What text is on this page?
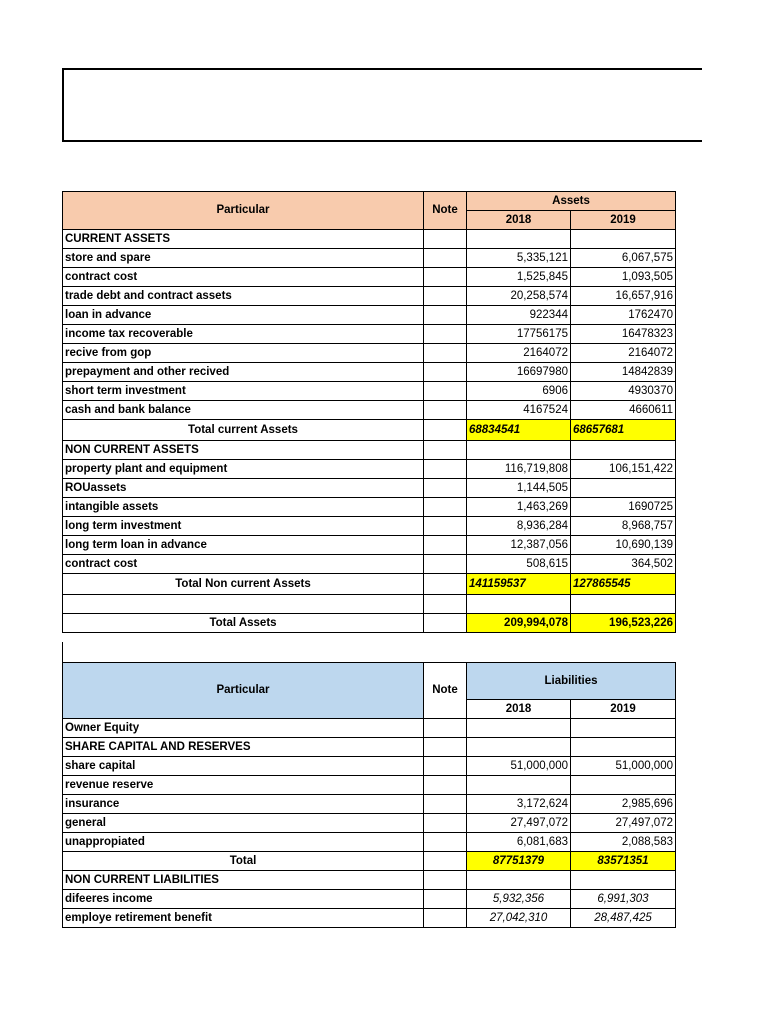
Particular	Note	Assets	
		2018	2019
CURRENT ASSETS			
store and spare		5,335,121	6,067,575
contract cost		1,525,845	1,093,505
trade debt and contract assets		20,258,574	16,657,916
loan in advance		922344	1762470
income tax recoverable		17756175	16478323
recive from gop		2164072	2164072
prepayment and other recived		16697980	14842839
short term investment		6906	4930370
cash and bank balance		4167524	4660611
Total current Assets		68834541	68657681
NON CURRENT ASSETS			
property plant and equipment		116,719,808	106,151,422
ROUassets		1,144,505	
intangible assets		1,463,269	1690725
long term investment		8,936,284	8,968,757
long term loan in advance		12,387,056	10,690,139
contract cost		508,615	364,502
Total Non current Assets		141159537	127865545

Total Assets		209,994,078	196,523,226
Particular	Note	Liabilities	
		2018	2019
Owner Equity			
SHARE CAPITAL AND RESERVES			
share capital		51,000,000	51,000,000
revenue reserve			
insurance		3,172,624	2,985,696
general		27,497,072	27,497,072
unappropiated		6,081,683	2,088,583
Total		87751379	83571351
NON CURRENT LIABILITIES			
difeeres income		5,932,356	6,991,303
employe retirement benefit		27,042,310	28,487,425
